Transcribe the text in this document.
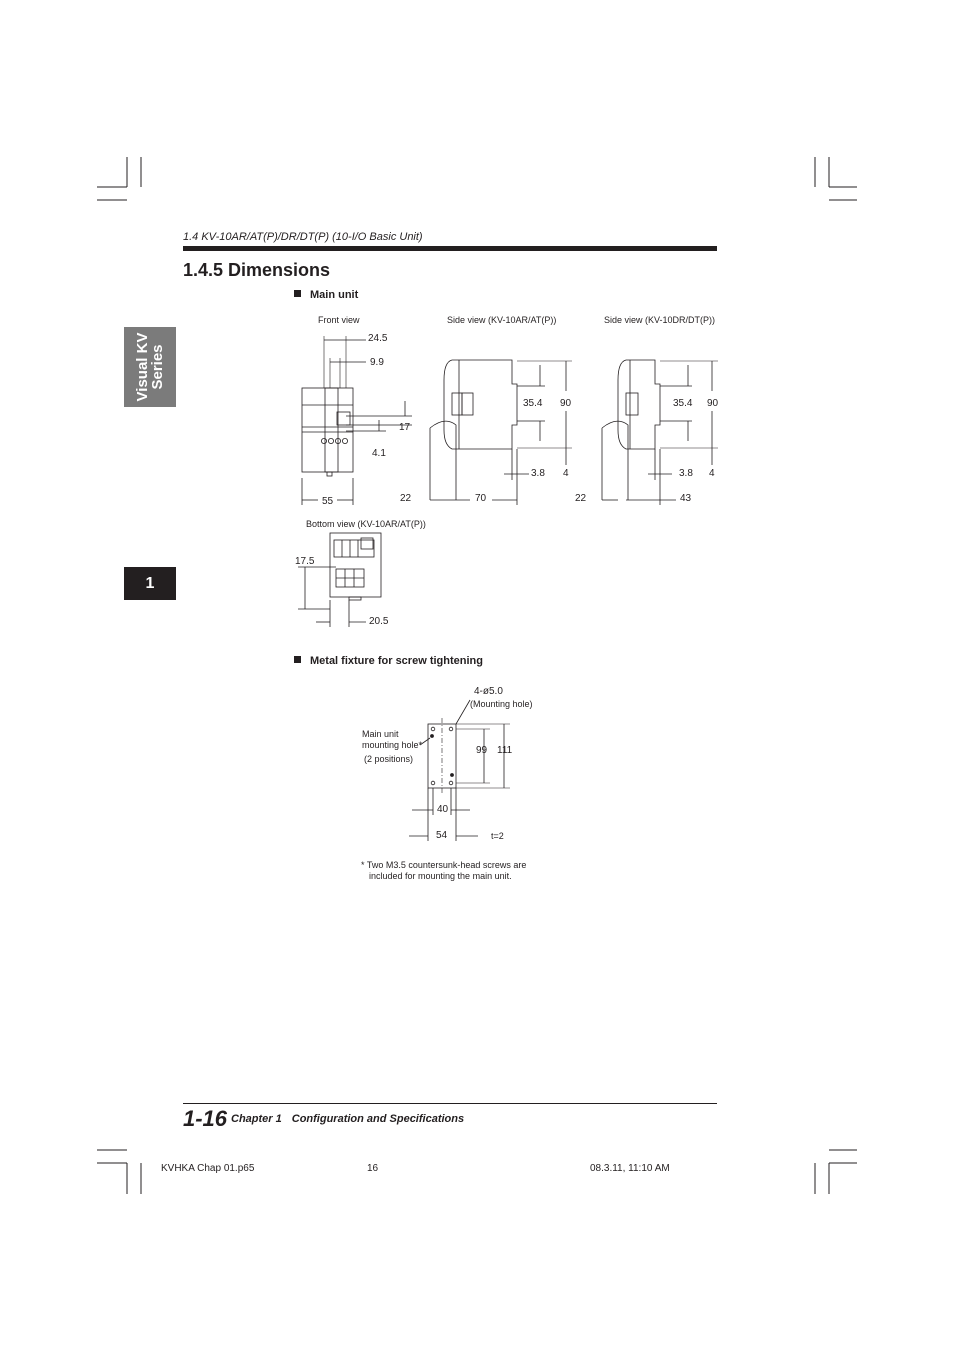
1.4 KV-10AR/AT(P)/DR/DT(P) (10-I/O Basic Unit)
1.4.5 Dimensions
Visual KV
Series
1
Main unit
Front view	Side view (KV-10AR/AT(P))	Side view (KV-10DR/DT(P))
24.5
9.9
17
4.1
55
35.4 90
3.8 4
22	70
35.4 90
3.8 4
22	43
Bottom view (KV-10AR/AT(P))
17.5
20.5
Metal fixture for screw tightening
4-ø5.0
(Mounting hole)
Main unit
mounting hole*
(2 positions)
99 111
40
54	t=2
* Two M3.5 countersunk-head screws are
included for mounting the main unit.
1-16 Chapter 1 Configuration and Specifications
KVHKA Chap 01.p65	16	08.3.11, 11:10 AM
